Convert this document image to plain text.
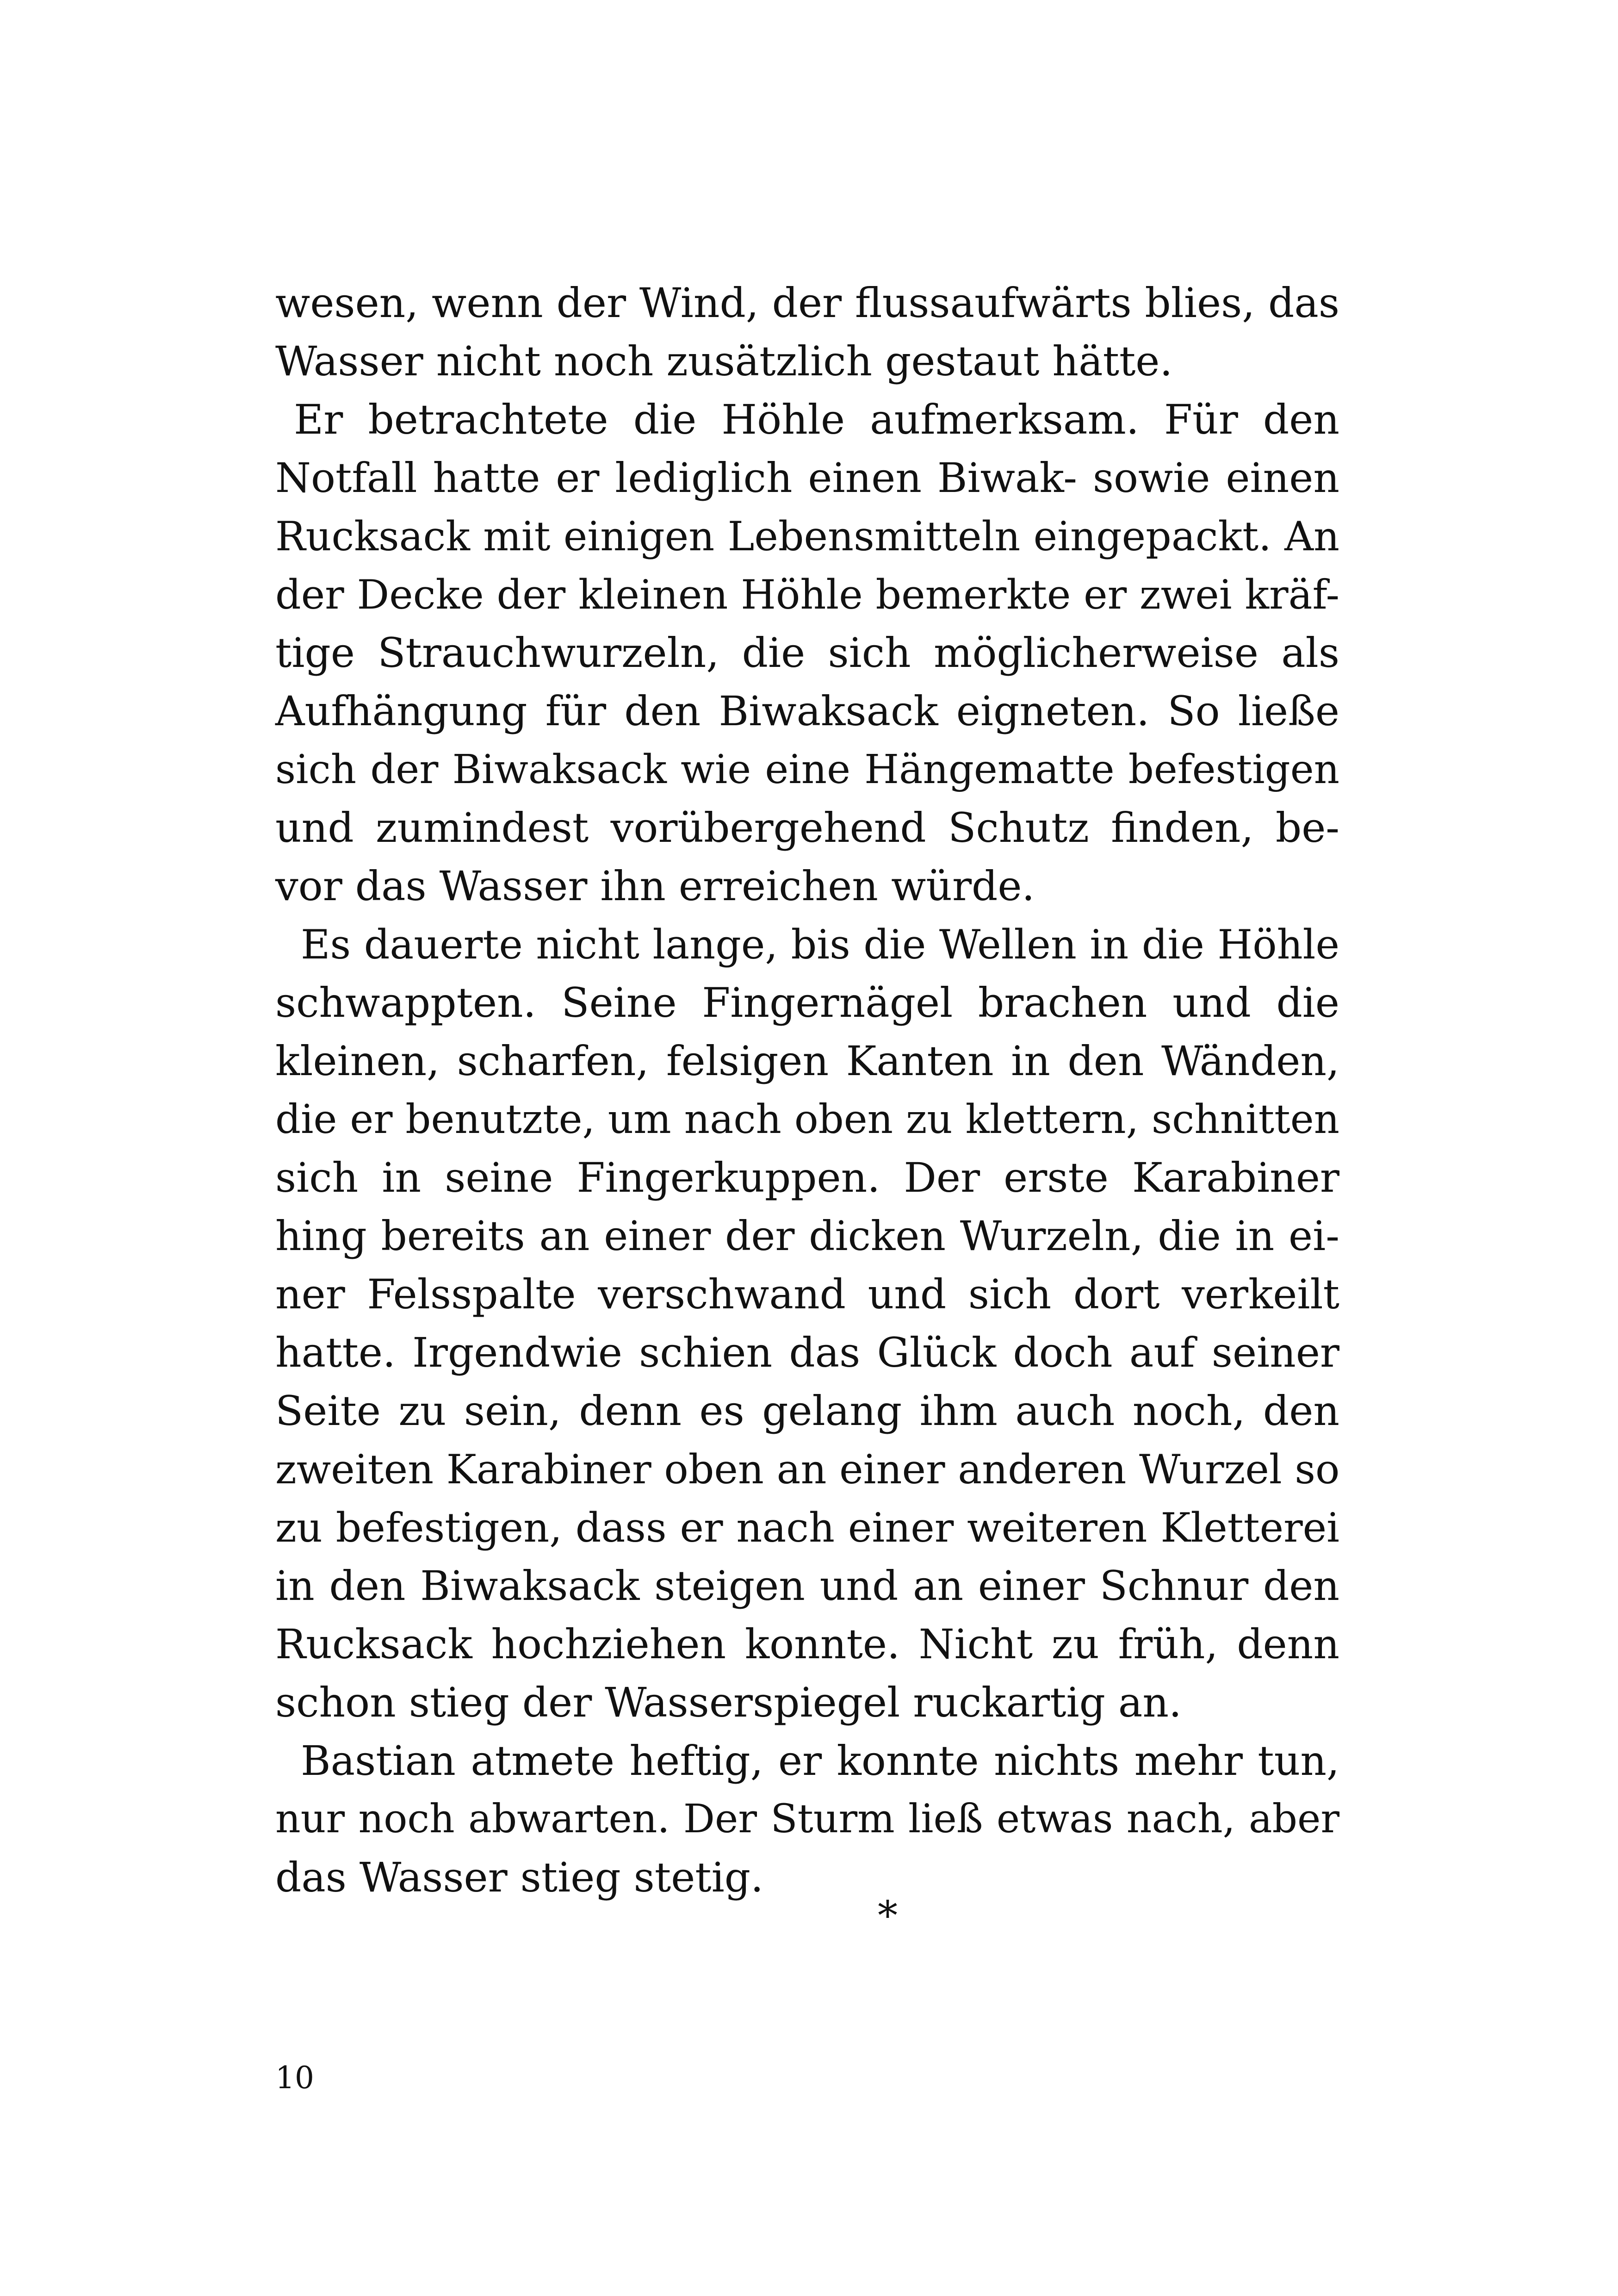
wesen, wenn der Wind, der flussaufwärts blies, das
Wasser nicht noch zusätzlich gestaut hätte.
Er betrachtete die Höhle aufmerksam. Für den
Notfall hatte er lediglich einen Biwak- sowie einen
Rucksack mit einigen Lebensmitteln eingepackt. An
der Decke der kleinen Höhle bemerkte er zwei kräf-
tige Strauchwurzeln, die sich möglicherweise als
Aufhängung für den Biwaksack eigneten. So ließe
sich der Biwaksack wie eine Hängematte befestigen
und zumindest vorübergehend Schutz finden, be-
vor das Wasser ihn erreichen würde.
Es dauerte nicht lange, bis die Wellen in die Höhle
schwappten. Seine Fingernägel brachen und die
kleinen, scharfen, felsigen Kanten in den Wänden,
die er benutzte, um nach oben zu klettern, schnitten
sich in seine Fingerkuppen. Der erste Karabiner
hing bereits an einer der dicken Wurzeln, die in ei-
ner Felsspalte verschwand und sich dort verkeilt
hatte. Irgendwie schien das Glück doch auf seiner
Seite zu sein, denn es gelang ihm auch noch, den
zweiten Karabiner oben an einer anderen Wurzel so
zu befestigen, dass er nach einer weiteren Kletterei
in den Biwaksack steigen und an einer Schnur den
Rucksack hochziehen konnte. Nicht zu früh, denn
schon stieg der Wasserspiegel ruckartig an.
Bastian atmete heftig, er konnte nichts mehr tun,
nur noch abwarten. Der Sturm ließ etwas nach, aber
das Wasser stieg stetig.
*
10
